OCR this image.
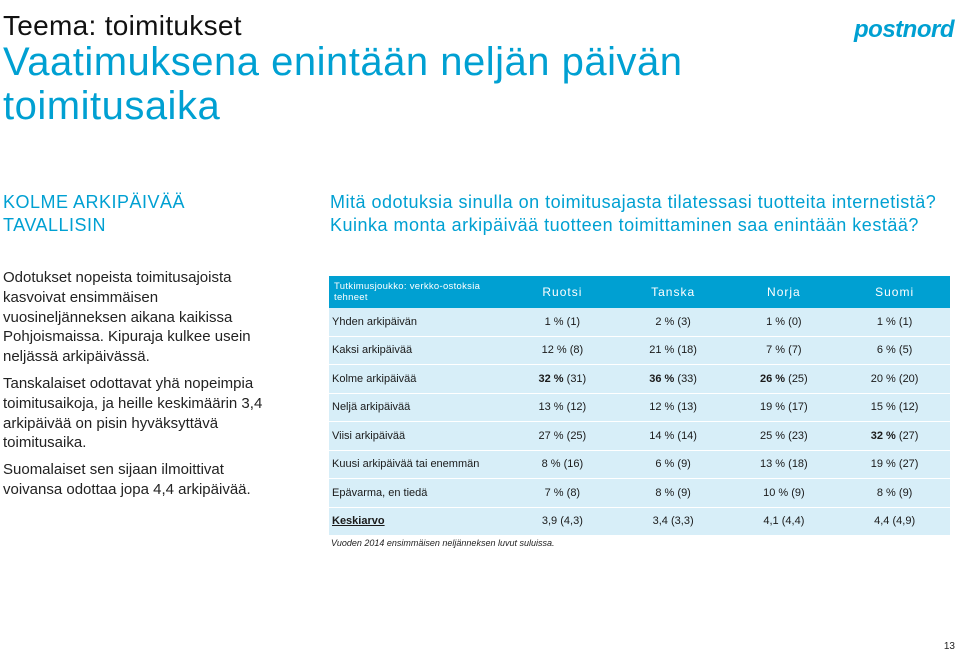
Teema: toimitukset
Vaatimuksena enintään neljän päivän toimitusaika
postnord
KOLME ARKIPÄIVÄÄ TAVALLISIN

Odotukset nopeista toimitusajoista kasvoivat ensimmäisen vuosineljänneksen aikana kaikissa Pohjoismaissa. Kipuraja kulkee usein neljässä arkipäivässä.

Tanskalaiset odottavat yhä nopeimpia toimitusaikoja, ja heille keskimäärin 3,4 arkipäivää on pisin hyväksyttävä toimitusaika.

Suomalaiset sen sijaan ilmoittivat voivansa odottaa jopa 4,4 arkipäivää.

Mitä odotuksia sinulla on toimitusajasta tilatessasi tuotteita internetistä? Kuinka monta arkipäivää tuotteen toimittaminen saa enintään kestää?
Tutkimusjoukko: verkko-ostoksia tehneet	Ruotsi	Tanska	Norja	Suomi
Yhden arkipäivän	1 % (1)	2 % (3)	1 % (0)	1 % (1)
Kaksi arkipäivää	12 % (8)	21 % (18)	7 % (7)	6 % (5)
Kolme arkipäivää	32 % (31)	36 % (33)	26 % (25)	20 % (20)
Neljä arkipäivää	13 % (12)	12 % (13)	19 % (17)	15 % (12)
Viisi arkipäivää	27 % (25)	14 % (14)	25 % (23)	32 % (27)
Kuusi arkipäivää tai enemmän	8 % (16)	6 % (9)	13 % (18)	19 % (27)
Epävarma, en tiedä	7 % (8)	8 % (9)	10 % (9)	8 % (9)
Keskiarvo	3,9 (4,3)	3,4 (3,3)	4,1 (4,4)	4,4 (4,9)
Vuoden 2014 ensimmäisen neljänneksen luvut suluissa.
13
